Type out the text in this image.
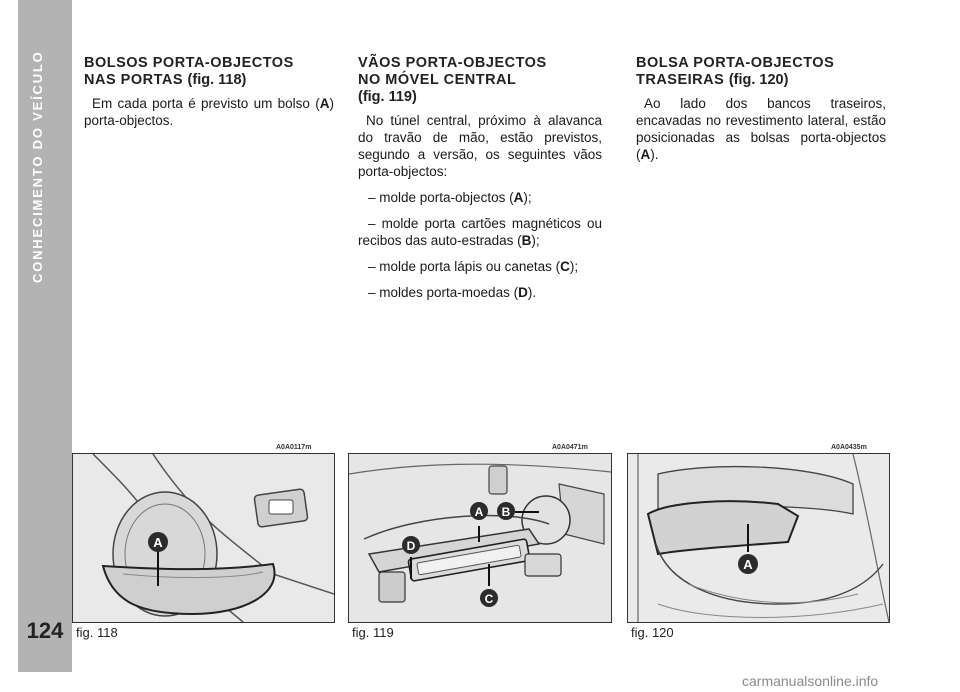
CONHECIMENTO DO VEÍCULO
124
BOLSOS PORTA-OBJECTOS
NAS PORTAS (fig. 118)

Em cada porta é previsto um bolso (A) porta-objectos.

VÃOS PORTA-OBJECTOS
NO MÓVEL CENTRAL
(fig. 119)

No túnel central, próximo à alavanca do travão de mão, estão previstos, segundo a versão, os seguintes vãos porta-objectos:

– molde porta-objectos (A);

– molde porta cartões magnéticos ou recibos das auto-estradas (B);

– molde porta lápis ou canetas (C);

– moldes porta-moedas (D).

BOLSA PORTA-OBJECTOS
TRASEIRAS (fig. 120)

Ao lado dos bancos traseiros, encavadas no revestimento lateral, estão posicionadas as bolsas porta-objectos (A).

A0A0117m	A0A0471m	A0A0435m
A
A B
D
C
A
fig. 118	fig. 119	fig. 120
carmanualsonline.info
